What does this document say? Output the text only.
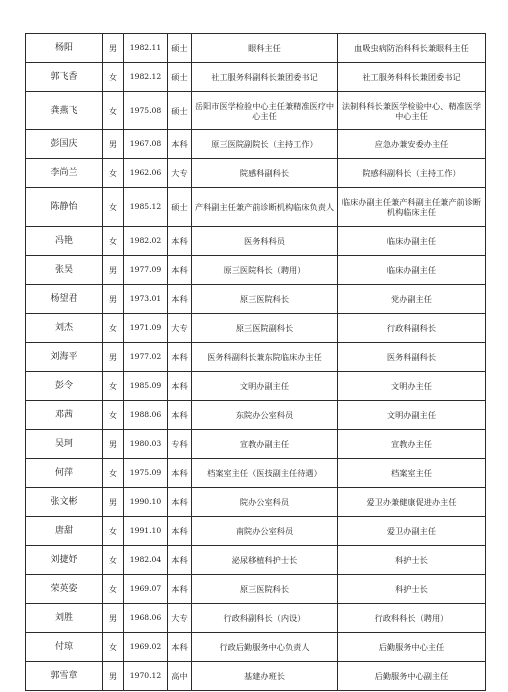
杨阳	男	1982.11	硕士	眼科主任	血吸虫病防治科科长兼眼科主任
郭飞香	女	1982.12	硕士	社工服务科副科长兼团委书记	社工服务科科长兼团委书记
龚燕飞	女	1975.08	硕士	岳阳市医学检验中心主任兼精准医疗中心主任	法制科科长兼医学检验中心、精准医学中心主任
彭国庆	男	1967.08	本科	原三医院副院长（主持工作）	应急办兼安委办主任
李尚兰	女	1962.06	大专	院感科副科长	院感科副科长（主持工作）
陈静怡	女	1985.12	硕士	产科副主任兼产前诊断机构临床负责人	临床办副主任兼产科副主任兼产前诊断机构临床主任
冯艳	女	1982.02	本科	医务科科员	临床办副主任
张昊	男	1977.09	本科	原三医院科长（聘用）	临床办副主任
杨望君	男	1973.01	本科	原三医院科长	党办副主任
刘杰	女	1971.09	大专	原三医院副科长	行政科副科长
刘海平	男	1977.02	本科	医务科副科长兼东院临床办主任	医务科副科长
彭令	女	1985.09	本科	文明办副主任	文明办主任
邓茜	女	1988.06	本科	东院办公室科员	文明办副主任
吴珂	男	1980.03	专科	宣教办副主任	宣教办主任
何萍	女	1975.09	本科	档案室主任（医技副主任待遇）	档案室主任
张文彬	男	1990.10	本科	院办公室科员	爱卫办兼健康促进办主任
唐甜	女	1991.10	本科	南院办公室科员	爱卫办副主任
刘捷妤	女	1982.04	本科	泌尿移植科护士长	科护士长
荣英姿	女	1969.07	本科	原三医院科长	科护士长
刘胜	男	1968.06	大专	行政科副科长（内设）	行政科科长（聘用）
付琼	女	1969.02	本科	行政后勤服务中心负责人	后勤服务中心主任
郭雪章	男	1970.12	高中	基建办班长	后勤服务中心副主任
